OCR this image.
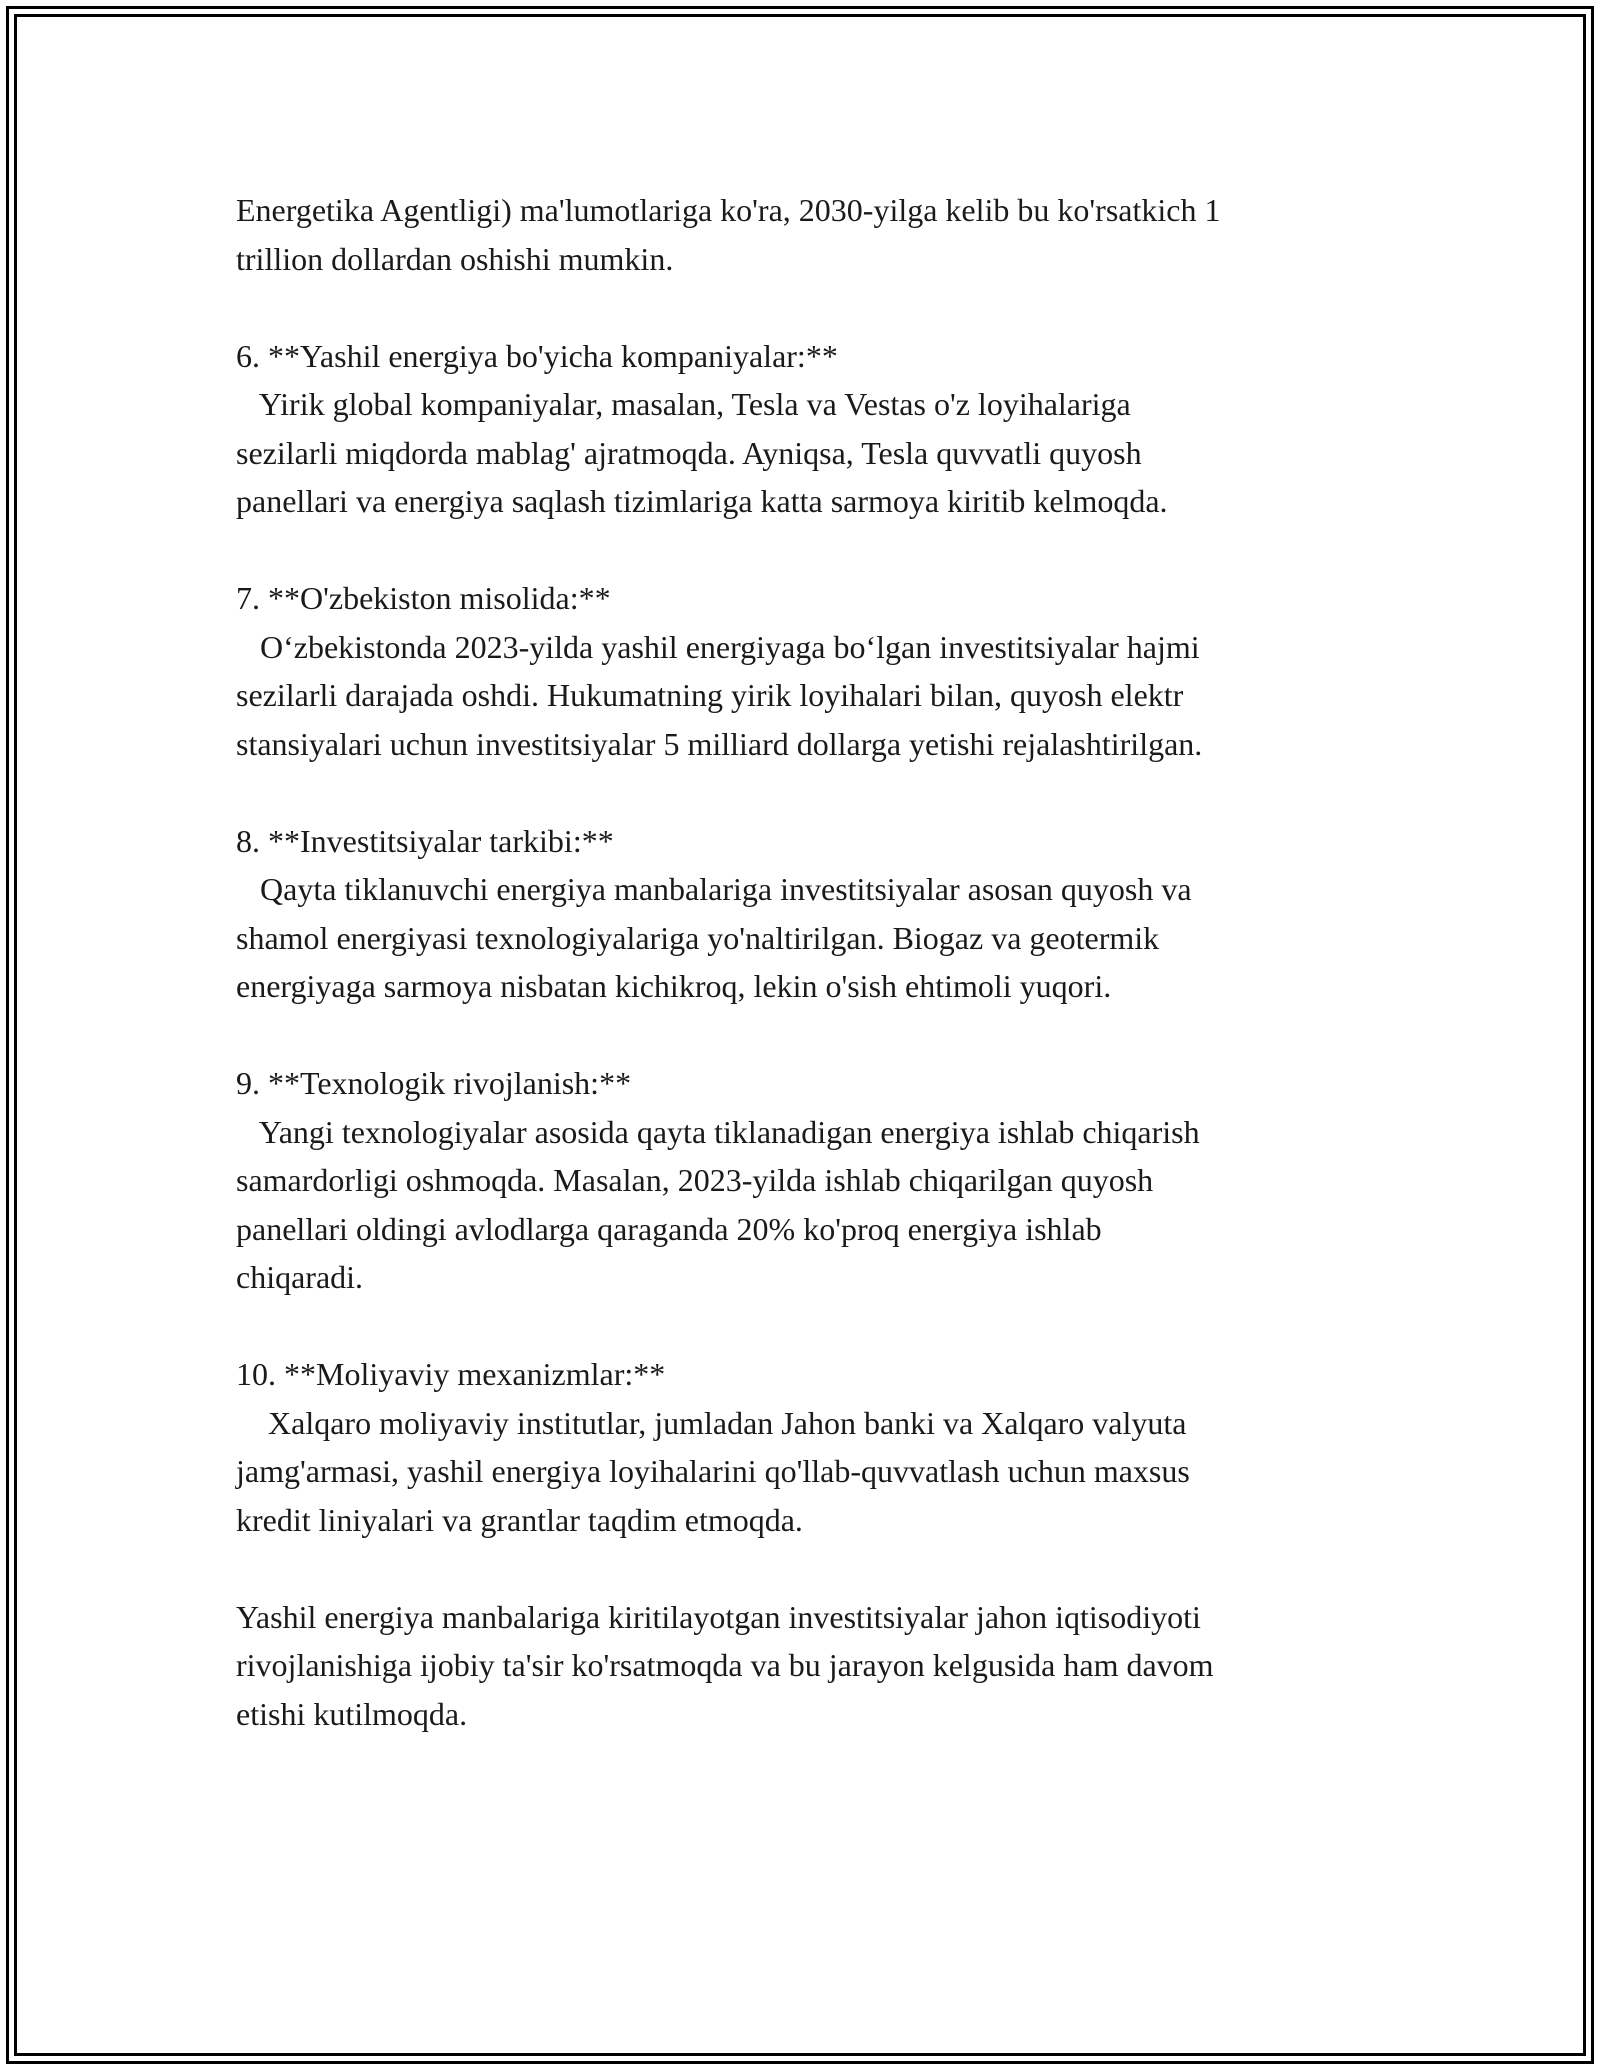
Energetika Agentligi) ma'lumotlariga ko'ra, 2030-yilga kelib bu ko'rsatkich 1
trillion dollardan oshishi mumkin.

6. **Yashil energiya bo'yicha kompaniyalar:**
Yirik global kompaniyalar, masalan, Tesla va Vestas o'z loyihalariga
sezilarli miqdorda mablag' ajratmoqda. Ayniqsa, Tesla quvvatli quyosh
panellari va energiya saqlash tizimlariga katta sarmoya kiritib kelmoqda.

7. **O'zbekiston misolida:**
Oʻzbekistonda 2023-yilda yashil energiyaga boʻlgan investitsiyalar hajmi
sezilarli darajada oshdi. Hukumatning yirik loyihalari bilan, quyosh elektr
stansiyalari uchun investitsiyalar 5 milliard dollarga yetishi rejalashtirilgan.

8. **Investitsiyalar tarkibi:**
Qayta tiklanuvchi energiya manbalariga investitsiyalar asosan quyosh va
shamol energiyasi texnologiyalariga yo'naltirilgan. Biogaz va geotermik
energiyaga sarmoya nisbatan kichikroq, lekin o'sish ehtimoli yuqori.

9. **Texnologik rivojlanish:**
Yangi texnologiyalar asosida qayta tiklanadigan energiya ishlab chiqarish
samardorligi oshmoqda. Masalan, 2023-yilda ishlab chiqarilgan quyosh
panellari oldingi avlodlarga qaraganda 20% ko'proq energiya ishlab
chiqaradi.

10. **Moliyaviy mexanizmlar:**
Xalqaro moliyaviy institutlar, jumladan Jahon banki va Xalqaro valyuta
jamg'armasi, yashil energiya loyihalarini qo'llab-quvvatlash uchun maxsus
kredit liniyalari va grantlar taqdim etmoqda.

Yashil energiya manbalariga kiritilayotgan investitsiyalar jahon iqtisodiyoti
rivojlanishiga ijobiy ta'sir ko'rsatmoqda va bu jarayon kelgusida ham davom
etishi kutilmoqda.
